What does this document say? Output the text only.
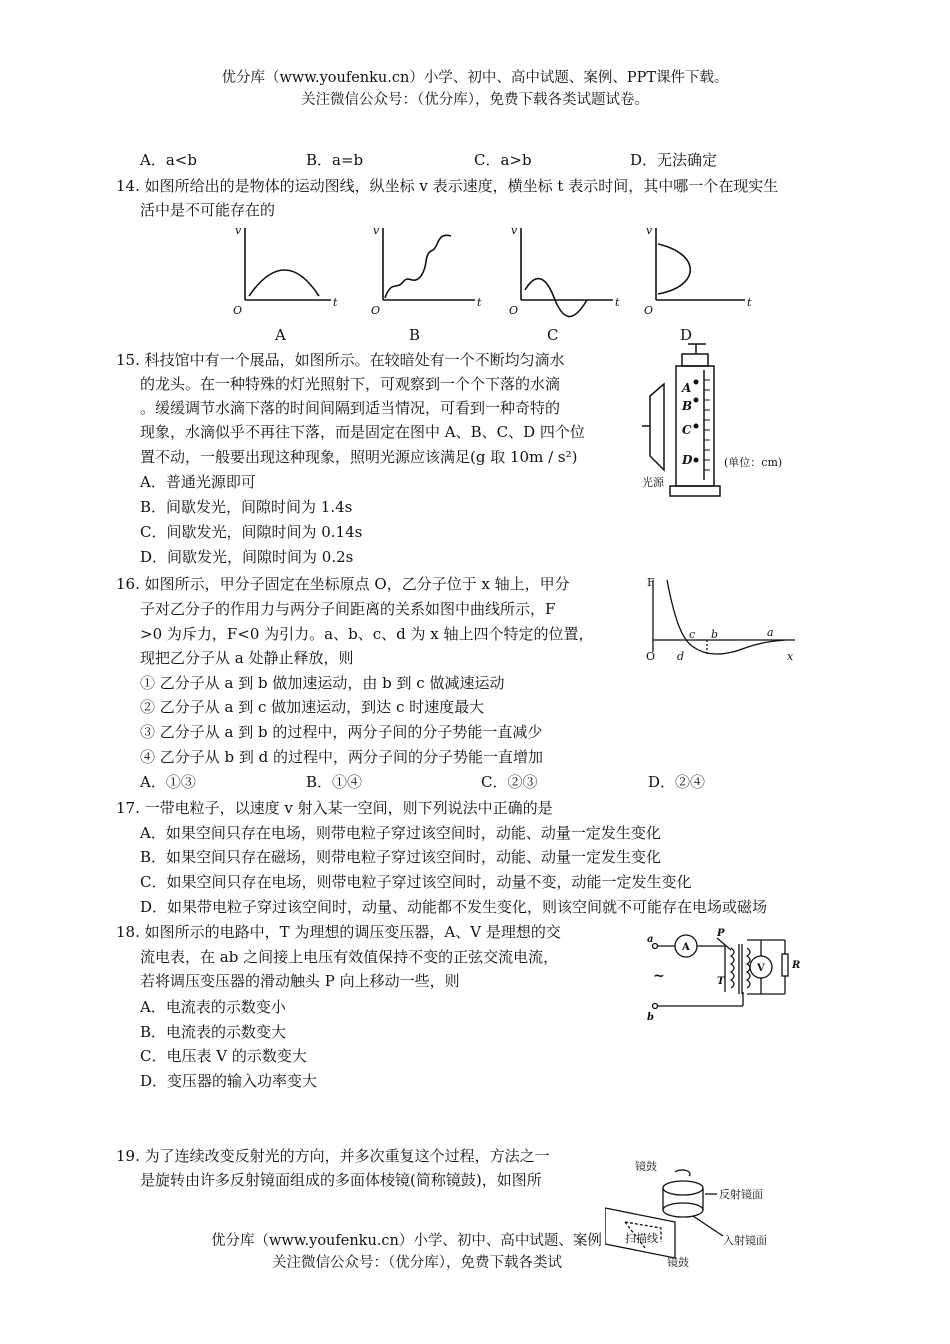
优分库（www.youfenku.cn）小学、初中、高中试题、案例、PPT课件下载。
关注微信公众号：（优分库），免费下载各类试题试卷。
A．a<b	B．a=b	C．a>b	D．无法确定
14. 如图所给出的是物体的运动图线，纵坐标 v 表示速度，横坐标 t 表示时间，其中哪一个在现实生
活中是不可能存在的
v
t
O
v
t
O
v
t
O
v
t
O
A	B	C	D
15. 科技馆中有一个展品，如图所示。在较暗处有一个不断均匀滴水
的龙头。在一种特殊的灯光照射下，可观察到一个个下落的水滴
。缓缓调节水滴下落的时间间隔到适当情况，可看到一种奇特的
现象，水滴似乎不再往下落，而是固定在图中 A、B、C、D 四个位
置不动，一般要出现这种现象，照明光源应该满足(g 取 10m / s²)
A．普通光源即可
B．间歇发光，间隙时间为 1.4s
C．间歇发光，间隙时间为 0.14s
D．间歇发光，间隙时间为 0.2s
A
B
C
D	(单位：cm)
光源
16. 如图所示，甲分子固定在坐标原点 O，乙分子位于 x 轴上，甲分
子对乙分子的作用力与两分子间距离的关系如图中曲线所示，F
>0 为斥力，F<0 为引力。a、b、c、d 为 x 轴上四个特定的位置，
现把乙分子从 a 处静止释放，则
① 乙分子从 a 到 b 做加速运动，由 b 到 c 做减速运动
② 乙分子从 a 到 c 做加速运动，到达 c 时速度最大
③ 乙分子从 a 到 b 的过程中，两分子间的分子势能一直减少
④ 乙分子从 b 到 d 的过程中，两分子间的分子势能一直增加
A．①③	B．①④	C．②③	D．②④
F
O	x
c b	a
d
17. 一带电粒子，以速度 v 射入某一空间，则下列说法中正确的是
A．如果空间只存在电场，则带电粒子穿过该空间时，动能、动量一定发生变化
B．如果空间只存在磁场，则带电粒子穿过该空间时，动能、动量一定发生变化
C．如果空间只存在电场，则带电粒子穿过该空间时，动量不变，动能一定发生变化
D．如果带电粒子穿过该空间时，动量、动能都不发生变化，则该空间就不可能存在电场或磁场
18. 如图所示的电路中，T 为理想的调压变压器，A、V 是理想的交
流电表，在 ab 之间接上电压有效值保持不变的正弦交流电流，
若将调压变压器的滑动触头 P 向上移动一些，则
A．电流表的示数变小
B．电流表的示数变大
C．电压表 V 的示数变大
D．变压器的输入功率变大
a
b
A
V
P
T
R
~
19. 为了连续改变反射光的方向，并多次重复这个过程，方法之一
是旋转由许多反射镜面组成的多面体棱镜(简称镜鼓)，如图所
镜鼓
反射镜面
入射镜面
扫描线
镜鼓
优分库（www.youfenku.cn）小学、初中、高中试题、案例
关注微信公众号：（优分库），免费下载各类试
